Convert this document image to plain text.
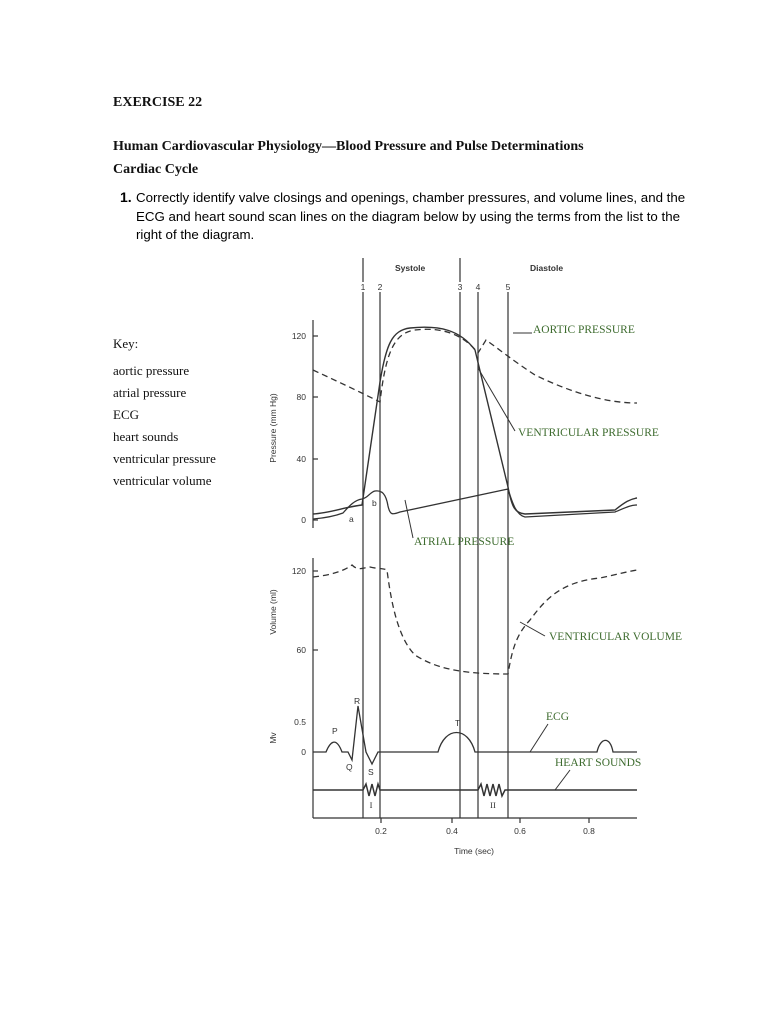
EXERCISE 22
Human Cardiovascular Physiology—Blood Pressure and Pulse Determinations
Cardiac Cycle
1. Correctly identify valve closings and openings, chamber pressures, and volume lines, and the ECG and heart sound scan lines on the diagram below by using the terms from the list to the right of the diagram.
Key:
aortic pressure
atrial pressure
ECG
heart sounds
ventricular pressure
ventricular volume
Systole	Diastole
1 2	3 4	5
120
80
40
0
Pressure (mm Hg)
120
60
Volume (ml)
0.5
0
Mv
0.2	0.4	0.6	0.8
Time (sec)
a
b
P
Q
R
S
T
I	II
AORTIC PRESSURE
VENTRICULAR PRESSURE
ATRIAL PRESSURE
VENTRICULAR VOLUME
ECG
HEART SOUNDS
